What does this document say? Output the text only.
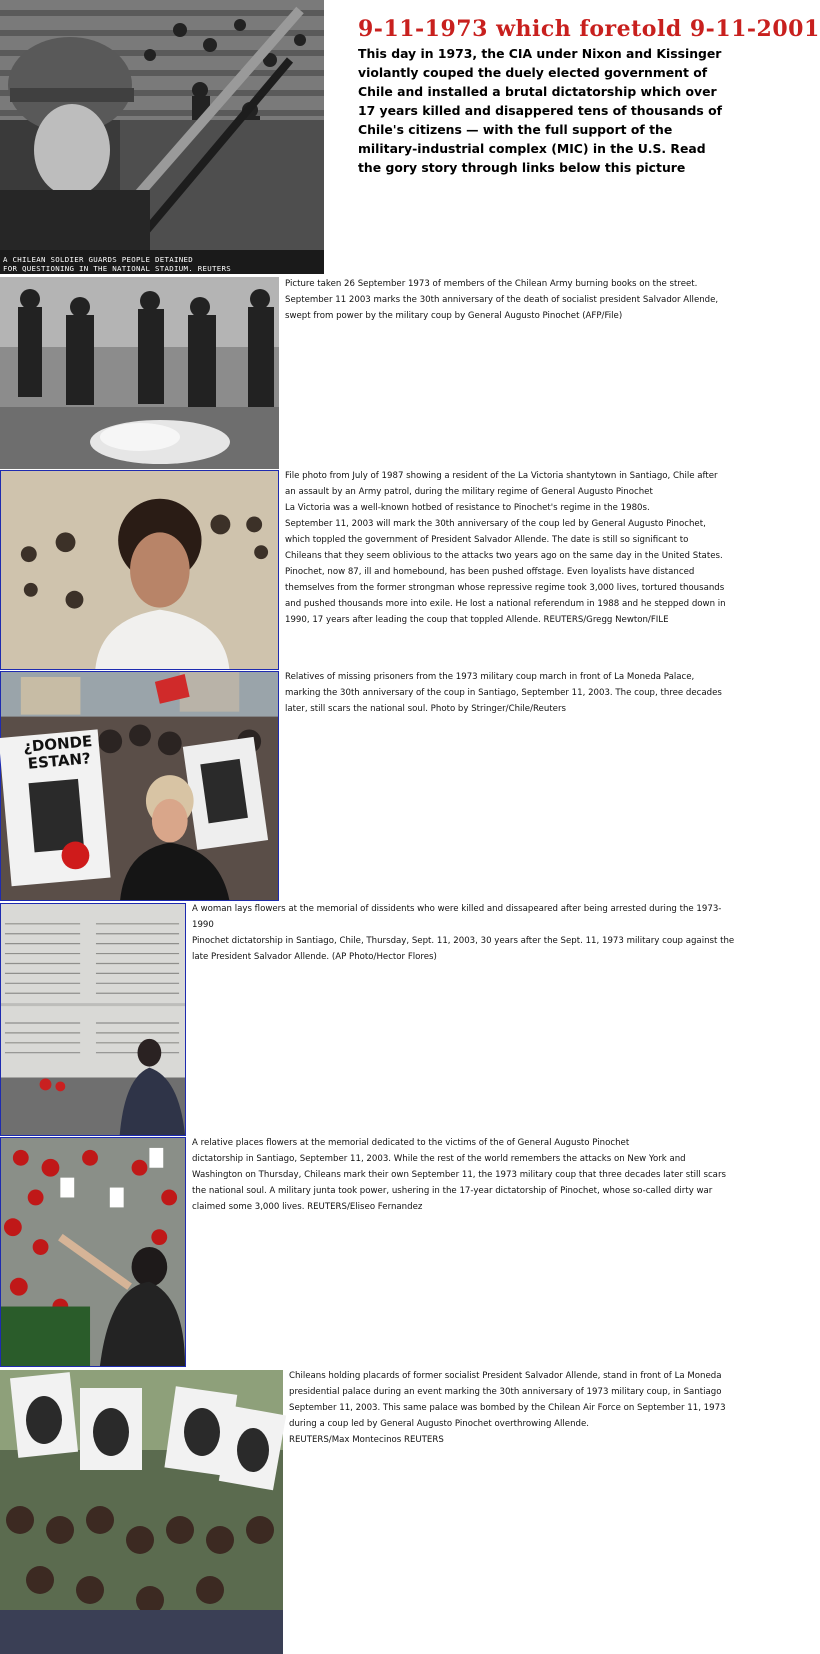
9-11-1973 which foretold 9-11-2001
This day in 1973, the CIA under Nixon and Kissinger violantly couped the duely elected government of Chile and installed a brutal dictatorship which over 17 years killed and disappered tens of thousands of Chile's citizens — with the full support of the military-industrial complex (MIC) in the U.S. Read the gory story through links below this picture
A CHILEAN SOLDIER GUARDS PEOPLE DETAINED
FOR QUESTIONING IN THE NATIONAL STADIUM. REUTERS
Picture taken 26 September 1973 of members of the Chilean Army burning books on the street.
September 11 2003 marks the 30th anniversary of the death of socialist president Salvador Allende,
swept from power by the military coup by General Augusto Pinochet (AFP/File)
File photo from July of 1987 showing a resident of the La Victoria shantytown in Santiago, Chile after
an assault by an Army patrol, during the military regime of General Augusto Pinochet
La Victoria was a well-known hotbed of resistance to Pinochet's regime in the 1980s.
September 11, 2003 will mark the 30th anniversary of the coup led by General Augusto Pinochet,
which toppled the government of President Salvador Allende. The date is still so significant to
Chileans that they seem oblivious to the attacks two years ago on the same day in the United States.
Pinochet, now 87, ill and homebound, has been pushed offstage. Even loyalists have distanced
themselves from the former strongman whose repressive regime took 3,000 lives, tortured thousands
and pushed thousands more into exile. He lost a national referendum in 1988 and he stepped down in
1990, 17 years after leading the coup that toppled Allende. REUTERS/Gregg Newton/FILE
¿DONDE
ESTAN?
Relatives of missing prisoners from the 1973 military coup march in front of La Moneda Palace,
marking the 30th anniversary of the coup in Santiago, September 11, 2003. The coup, three decades
later, still scars the national soul. Photo by Stringer/Chile/Reuters
A woman lays flowers at the memorial of dissidents who were killed and dissapeared after being arrested during the 1973-1990
Pinochet dictatorship in Santiago, Chile, Thursday, Sept. 11, 2003, 30 years after the Sept. 11, 1973 military coup against the
late President Salvador Allende. (AP Photo/Hector Flores)
A relative places flowers at the memorial dedicated to the victims of the of General Augusto Pinochet
dictatorship in Santiago, September 11, 2003. While the rest of the world remembers the attacks on New York and
Washington on Thursday, Chileans mark their own September 11, the 1973 military coup that three decades later still scars
the national soul. A military junta took power, ushering in the 17-year dictatorship of Pinochet, whose so-called dirty war
claimed some 3,000 lives. REUTERS/Eliseo Fernandez
Chileans holding placards of former socialist President Salvador Allende, stand in front of La Moneda
presidential palace during an event marking the 30th anniversary of 1973 military coup, in Santiago
September 11, 2003. This same palace was bombed by the Chilean Air Force on September 11, 1973
during a coup led by General Augusto Pinochet overthrowing Allende.
REUTERS/Max Montecinos REUTERS
